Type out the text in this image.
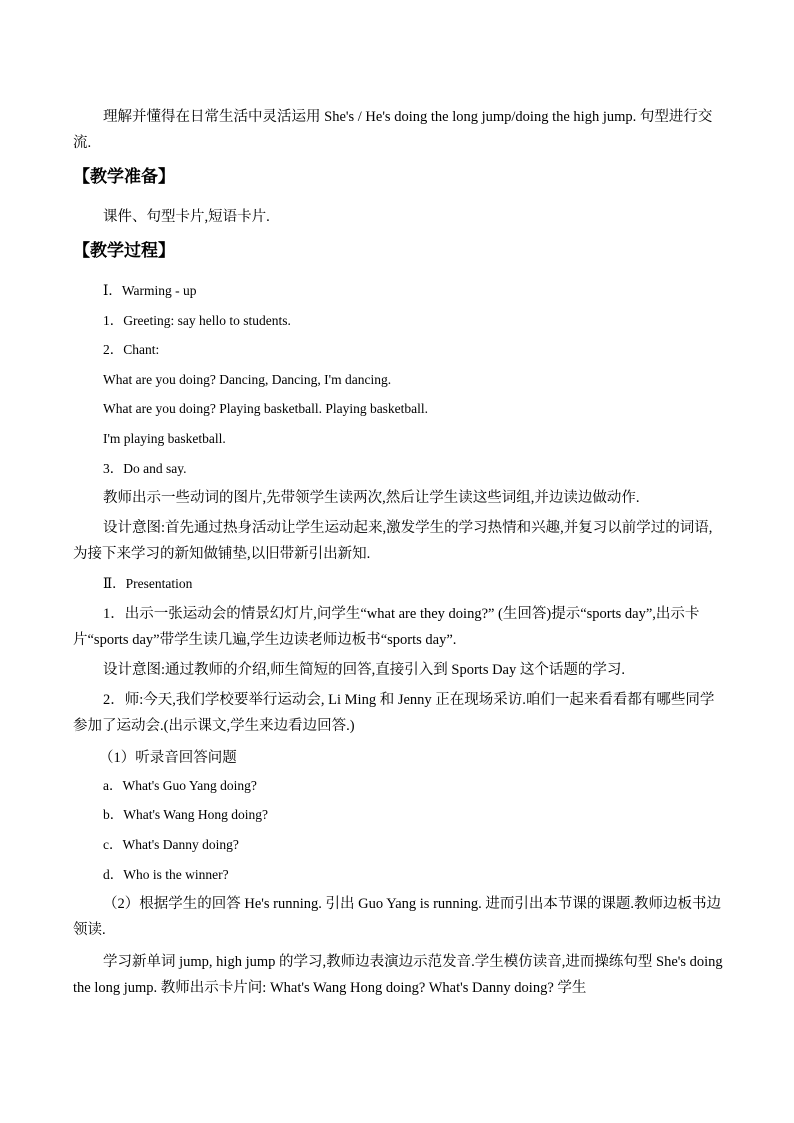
理解并懂得在日常生活中灵活运用 She's / He's doing the long jump/doing the high jump. 句型进行交流.

【教学准备】

课件、句型卡片,短语卡片.

【教学过程】

Ⅰ．Warming - up

1．Greeting: say hello to students.

2．Chant:

What are you doing? Dancing, Dancing, I'm dancing.

What are you doing? Playing basketball. Playing basketball.

I'm playing basketball.

3．Do and say.

教师出示一些动词的图片,先带领学生读两次,然后让学生读这些词组,并边读边做动作.

设计意图:首先通过热身活动让学生运动起来,激发学生的学习热情和兴趣,并复习以前学过的词语,为接下来学习的新知做铺垫,以旧带新引出新知.

Ⅱ．Presentation

1．出示一张运动会的情景幻灯片,问学生“what are they doing?” (生回答)提示“sports day”,出示卡片“sports day”带学生读几遍,学生边读老师边板书“sports day”.

设计意图:通过教师的介绍,师生简短的回答,直接引入到 Sports Day 这个话题的学习.

2．师:今天,我们学校要举行运动会, Li Ming 和 Jenny 正在现场采访.咱们一起来看看都有哪些同学参加了运动会.(出示课文,学生来边看边回答.)

（1）听录音回答问题

a．What's Guo Yang doing?

b．What's Wang Hong doing?

c．What's Danny doing?

d．Who is the winner?

（2）根据学生的回答 He's running. 引出 Guo Yang is running. 进而引出本节课的课题.教师边板书边领读.

学习新单词 jump, high jump 的学习,教师边表演边示范发音.学生模仿读音,进而操练句型 She's doing the long jump. 教师出示卡片问: What's Wang Hong doing? What's Danny doing? 学生
